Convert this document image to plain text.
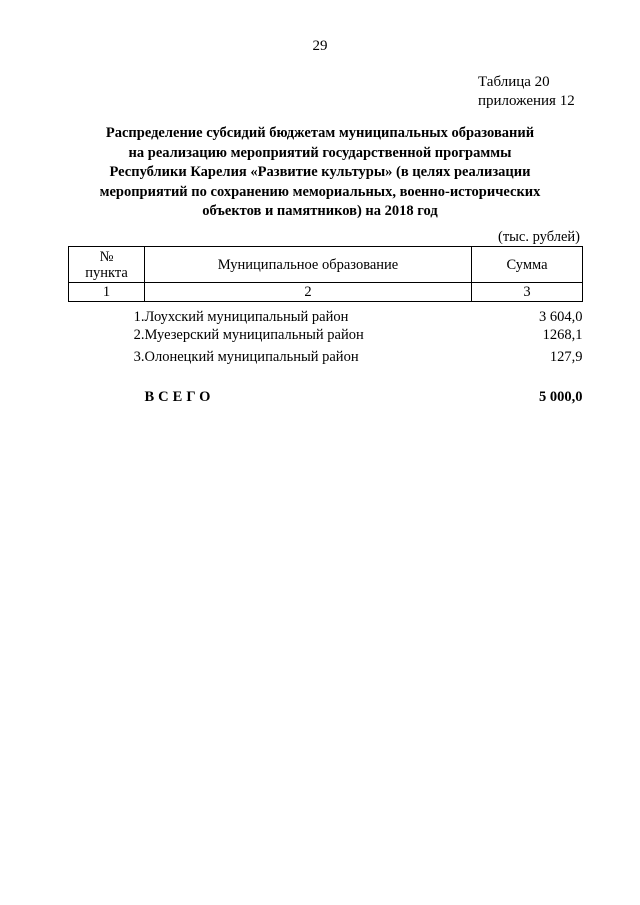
29
Таблица 20
приложения 12
Распределение субсидий бюджетам муниципальных образований
на реализацию мероприятий государственной программы
Республики Карелия «Развитие культуры» (в целях реализации
мероприятий по сохранению мемориальных, военно-исторических
объектов и памятников) на 2018 год
(тыс. рублей)
№
пункта	Муниципальное образование	Сумма
1	2	3
1.	Лоухский муниципальный район	3 604,0
2.	Муезерский муниципальный район	1268,1
3.	Олонецкий муниципальный район	127,9

	ВСЕГО	5 000,0
